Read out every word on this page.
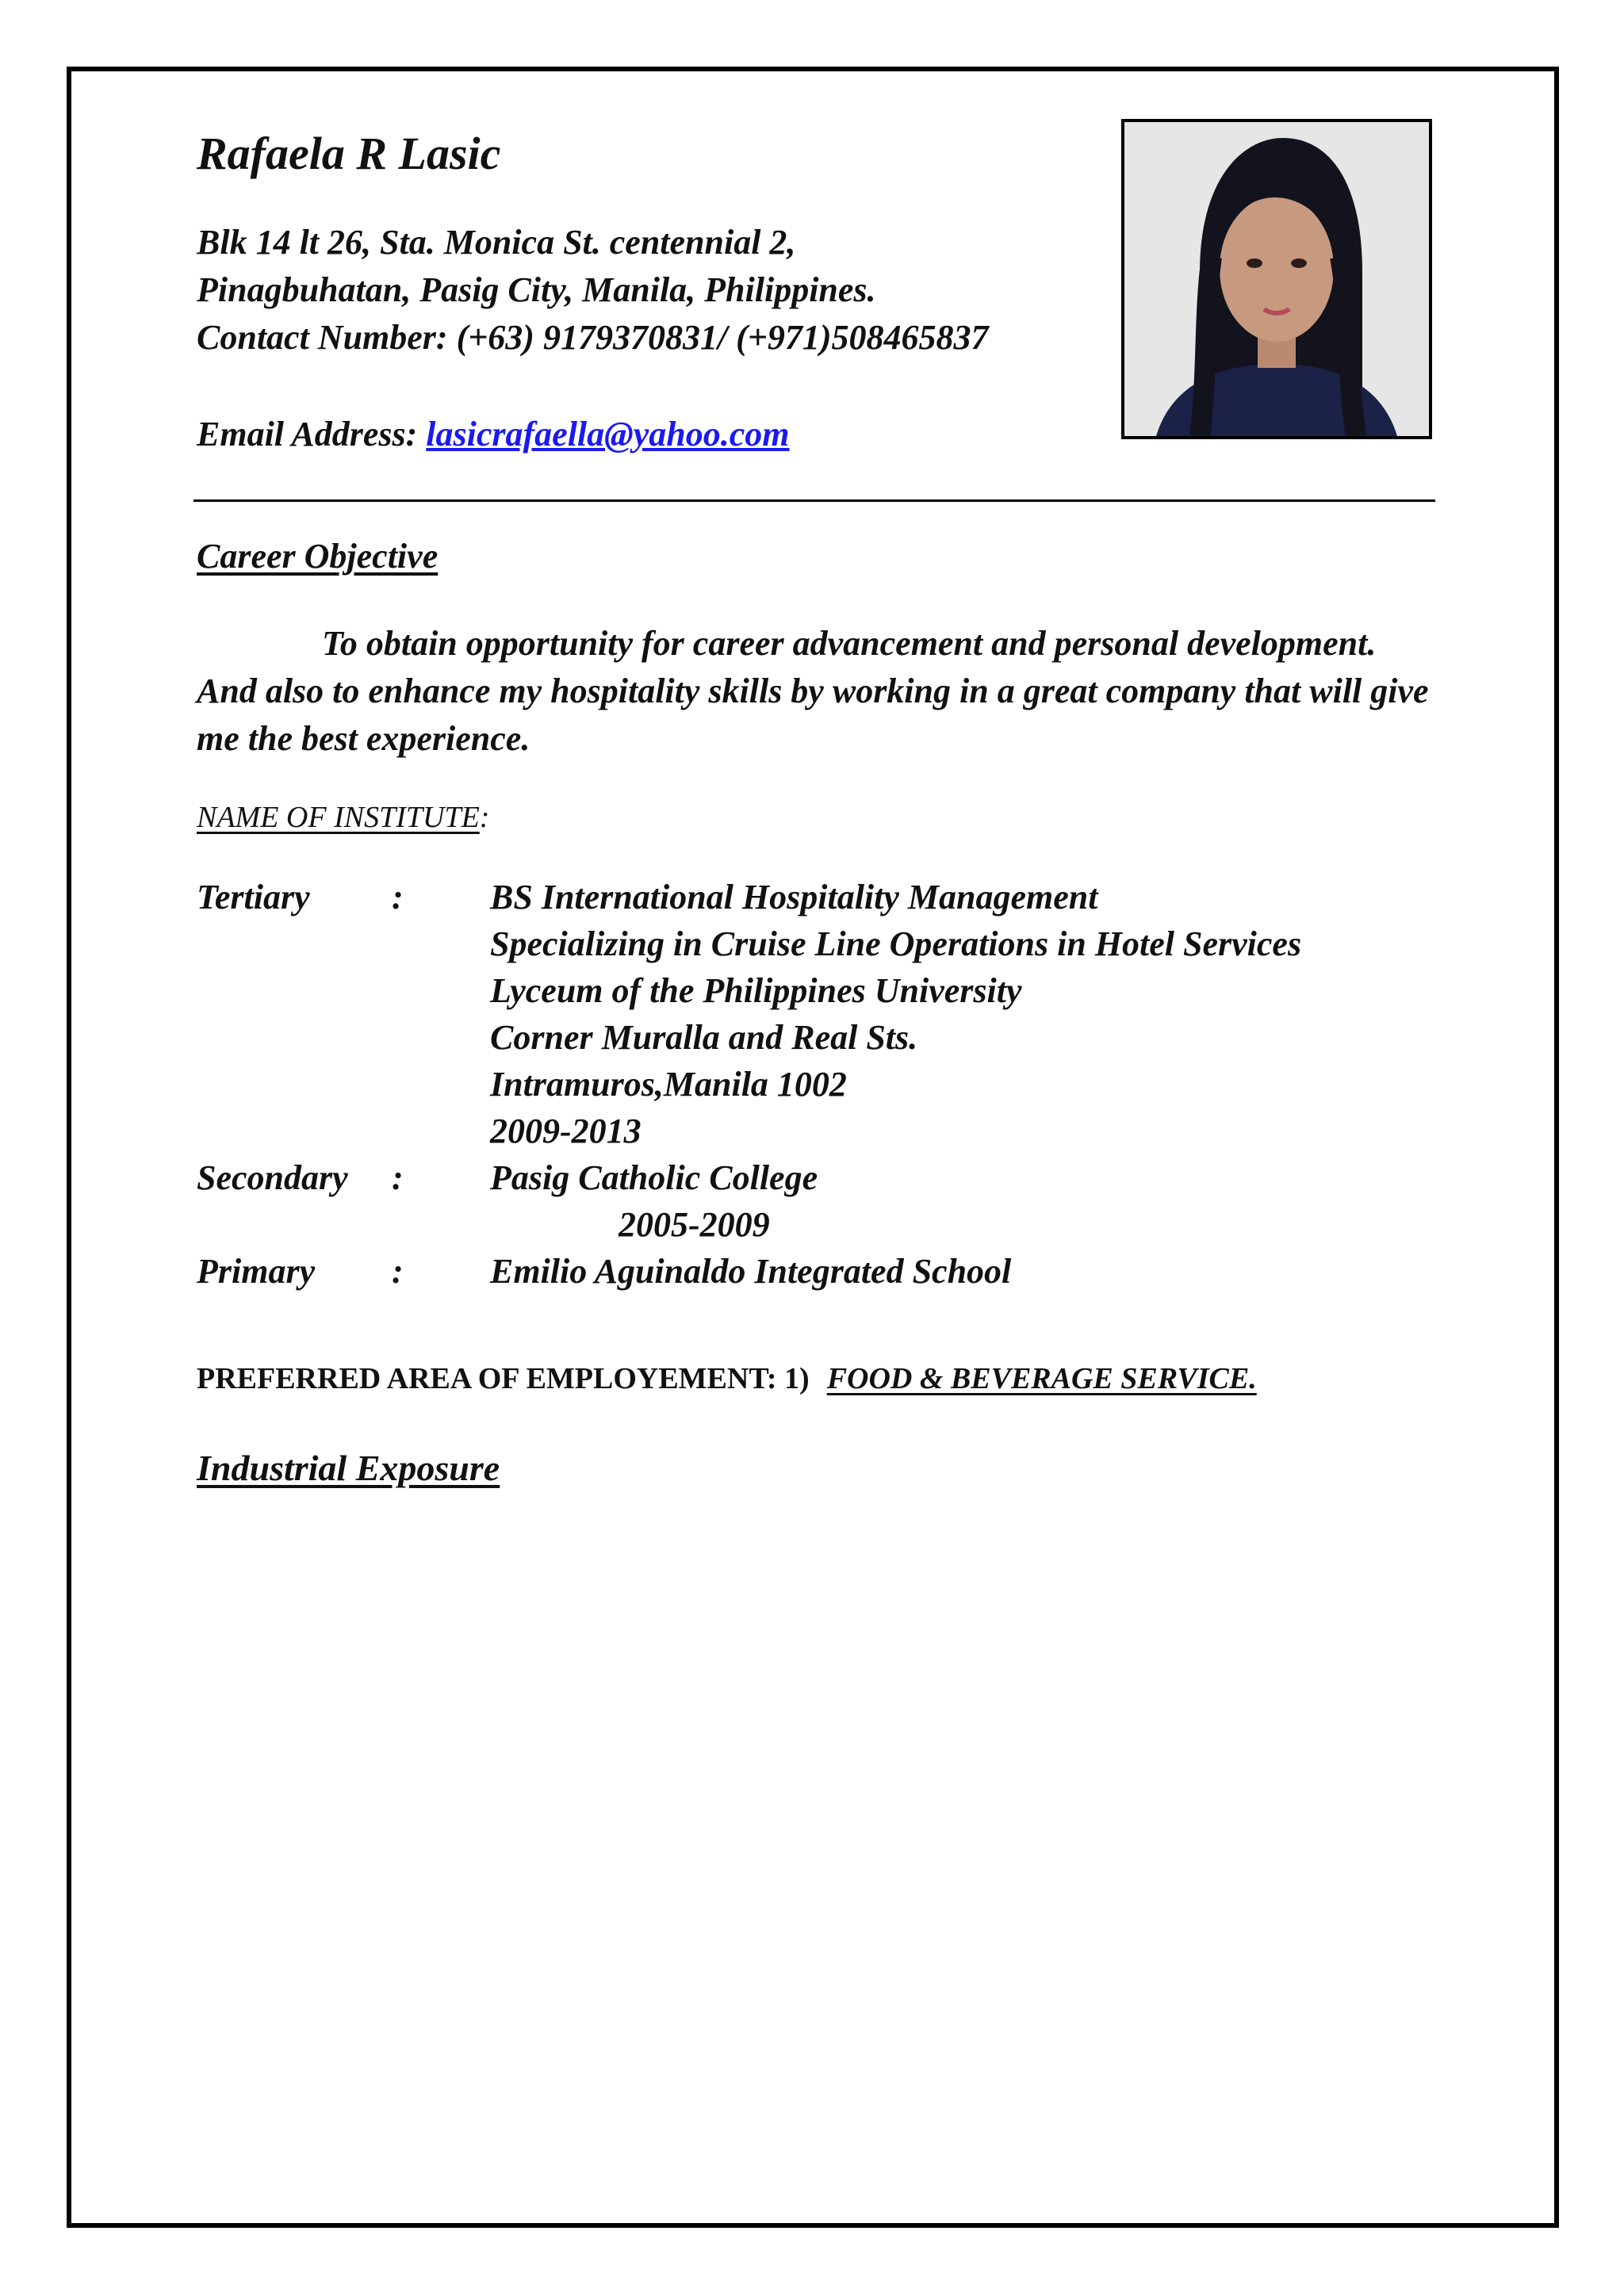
Rafaela R Lasic
Blk 14 lt 26, Sta. Monica St. centennial 2,
Pinagbuhatan, Pasig City, Manila, Philippines.
Contact Number: (+63) 9179370831/ (+971)508465837
Email Address: lasicrafaella@yahoo.com
Career Objective
To obtain opportunity for career advancement and personal development. And also to enhance my hospitality skills by working in a great company that will give me the best experience.
NAME OF INSTITUTE:
Tertiary : BS International Hospitality Management
Specializing in Cruise Line Operations in Hotel Services
Lyceum of the Philippines University
Corner Muralla and Real Sts.
Intramuros,Manila 1002
2009-2013
Secondary : Pasig Catholic College
2005-2009
Primary : Emilio Aguinaldo Integrated School
PREFERRED AREA OF EMPLOYEMENT: 1) FOOD & BEVERAGE SERVICE.
Industrial Exposure
